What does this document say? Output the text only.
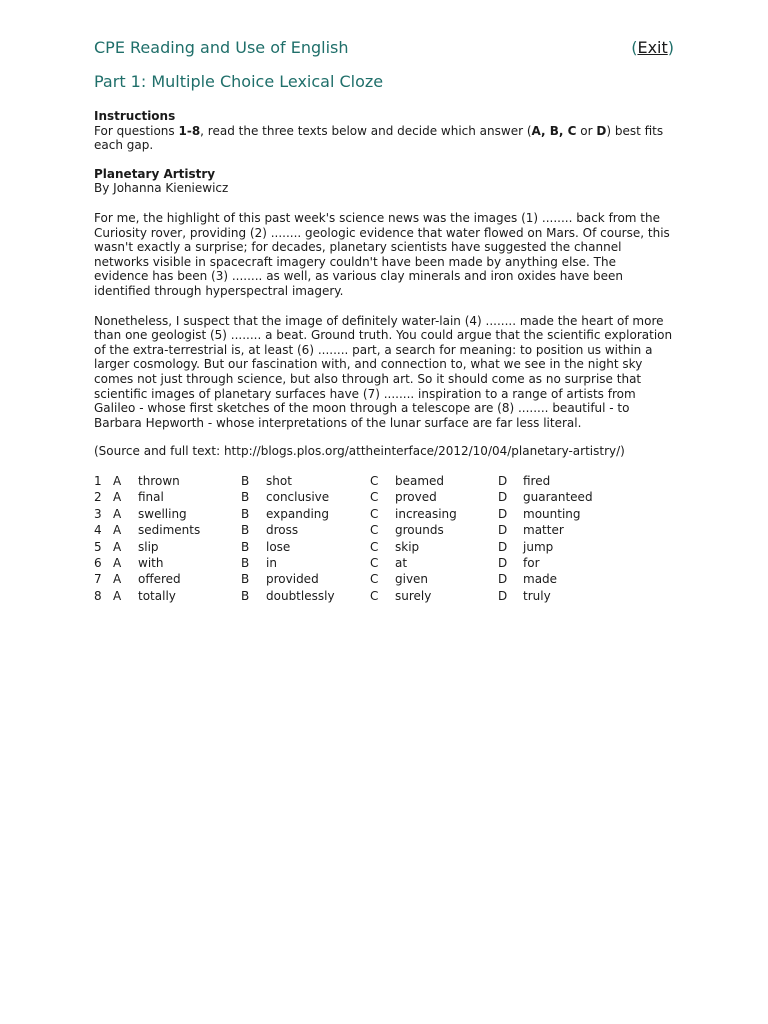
CPE Reading and Use of English	(Exit)
Part 1: Multiple Choice Lexical Cloze
Instructions
For questions 1-8, read the three texts below and decide which answer (A, B, C or D) best fits each gap.
Planetary Artistry
By Johanna Kieniewicz
For me, the highlight of this past week's science news was the images (1) ........ back from the Curiosity rover, providing (2) ........ geologic evidence that water flowed on Mars. Of course, this wasn't exactly a surprise; for decades, planetary scientists have suggested the channel networks visible in spacecraft imagery couldn't have been made by anything else. The evidence has been (3) ........ as well, as various clay minerals and iron oxides have been identified through hyperspectral imagery.
Nonetheless, I suspect that the image of definitely water-lain (4) ........ made the heart of more than one geologist (5) ........ a beat. Ground truth. You could argue that the scientific exploration of the extra-terrestrial is, at least (6) ........ part, a search for meaning: to position us within a larger cosmology. But our fascination with, and connection to, what we see in the night sky comes not just through science, but also through art. So it should come as no surprise that scientific images of planetary surfaces have (7) ........ inspiration to a range of artists from Galileo - whose first sketches of the moon through a telescope are (8) ........ beautiful - to Barbara Hepworth - whose interpretations of the lunar surface are far less literal.
(Source and full text: http://blogs.plos.org/attheinterface/2012/10/04/planetary-artistry/)
1	A	thrown	B	shot	C	beamed	D	fired
2	A	final	B	conclusive	C	proved	D	guaranteed
3	A	swelling	B	expanding	C	increasing	D	mounting
4	A	sediments	B	dross	C	grounds	D	matter
5	A	slip	B	lose	C	skip	D	jump
6	A	with	B	in	C	at	D	for
7	A	offered	B	provided	C	given	D	made
8	A	totally	B	doubtlessly	C	surely	D	truly
